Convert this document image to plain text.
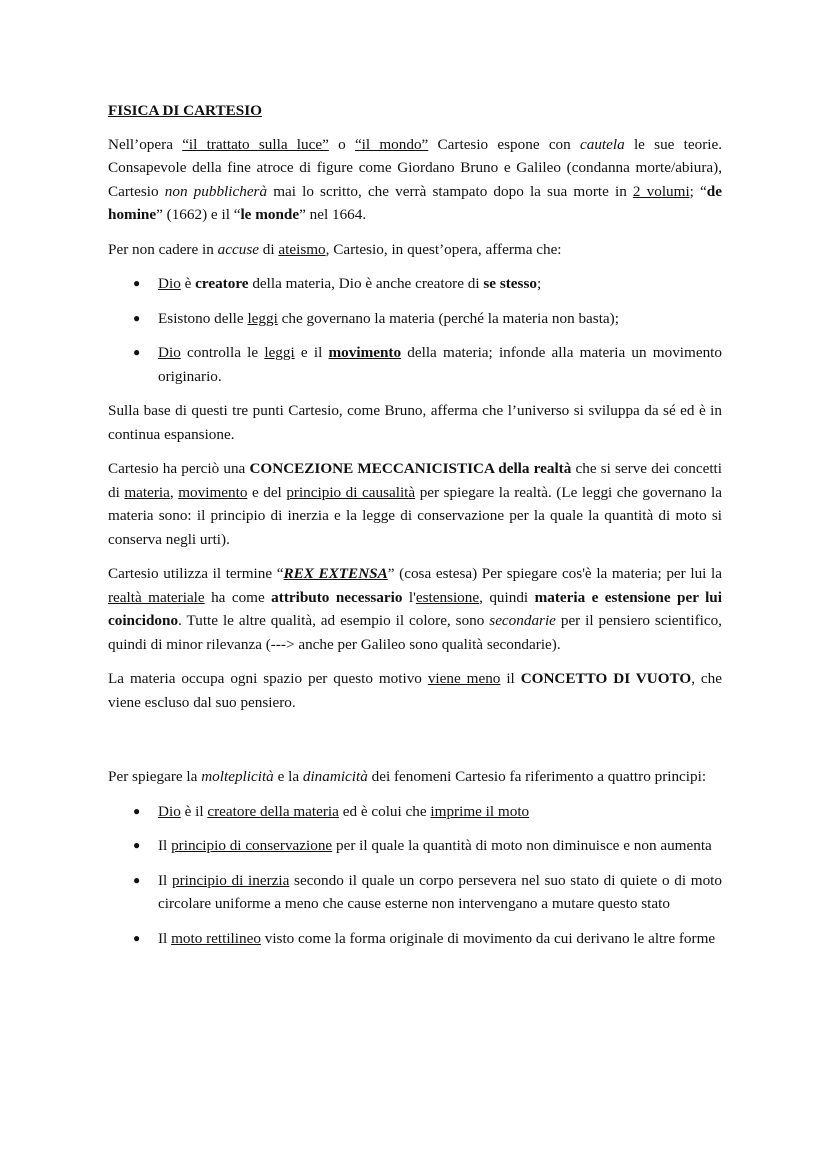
FISICA DI CARTESIO

Nell’opera “il trattato sulla luce” o “il mondo” Cartesio espone con cautela le sue teorie. Consapevole della fine atroce di figure come Giordano Bruno e Galileo (condanna morte/abiura), Cartesio non pubblicherà mai lo scritto, che verrà stampato dopo la sua morte in 2 volumi; “de homine” (1662) e il “le monde” nel 1664.

Per non cadere in accuse di ateismo, Cartesio, in quest’opera, afferma che:

● Dio è creatore della materia, Dio è anche creatore di se stesso;
● Esistono delle leggi che governano la materia (perché la materia non basta);
● Dio controlla le leggi e il movimento della materia; infonde alla materia un movimento originario.

Sulla base di questi tre punti Cartesio, come Bruno, afferma che l’universo si sviluppa da sé ed è in continua espansione.

Cartesio ha perciò una CONCEZIONE MECCANICISTICA della realtà che si serve dei concetti di materia, movimento e del principio di causalità per spiegare la realtà. (Le leggi che governano la materia sono: il principio di inerzia e la legge di conservazione per la quale la quantità di moto si conserva negli urti).

Cartesio utilizza il termine “REX EXTENSA” (cosa estesa) Per spiegare cos'è la materia; per lui la realtà materiale ha come attributo necessario l'estensione, quindi materia e estensione per lui coincidono. Tutte le altre qualità, ad esempio il colore, sono secondarie per il pensiero scientifico, quindi di minor rilevanza (---> anche per Galileo sono qualità secondarie).

La materia occupa ogni spazio per questo motivo viene meno il CONCETTO DI VUOTO, che viene escluso dal suo pensiero.

Per spiegare la molteplicità e la dinamicità dei fenomeni Cartesio fa riferimento a quattro principi:

● Dio è il creatore della materia ed è colui che imprime il moto
● Il principio di conservazione per il quale la quantità di moto non diminuisce e non aumenta
● Il principio di inerzia secondo il quale un corpo persevera nel suo stato di quiete o di moto circolare uniforme a meno che cause esterne non intervengano a mutare questo stato
● Il moto rettilineo visto come la forma originale di movimento da cui derivano le altre forme
